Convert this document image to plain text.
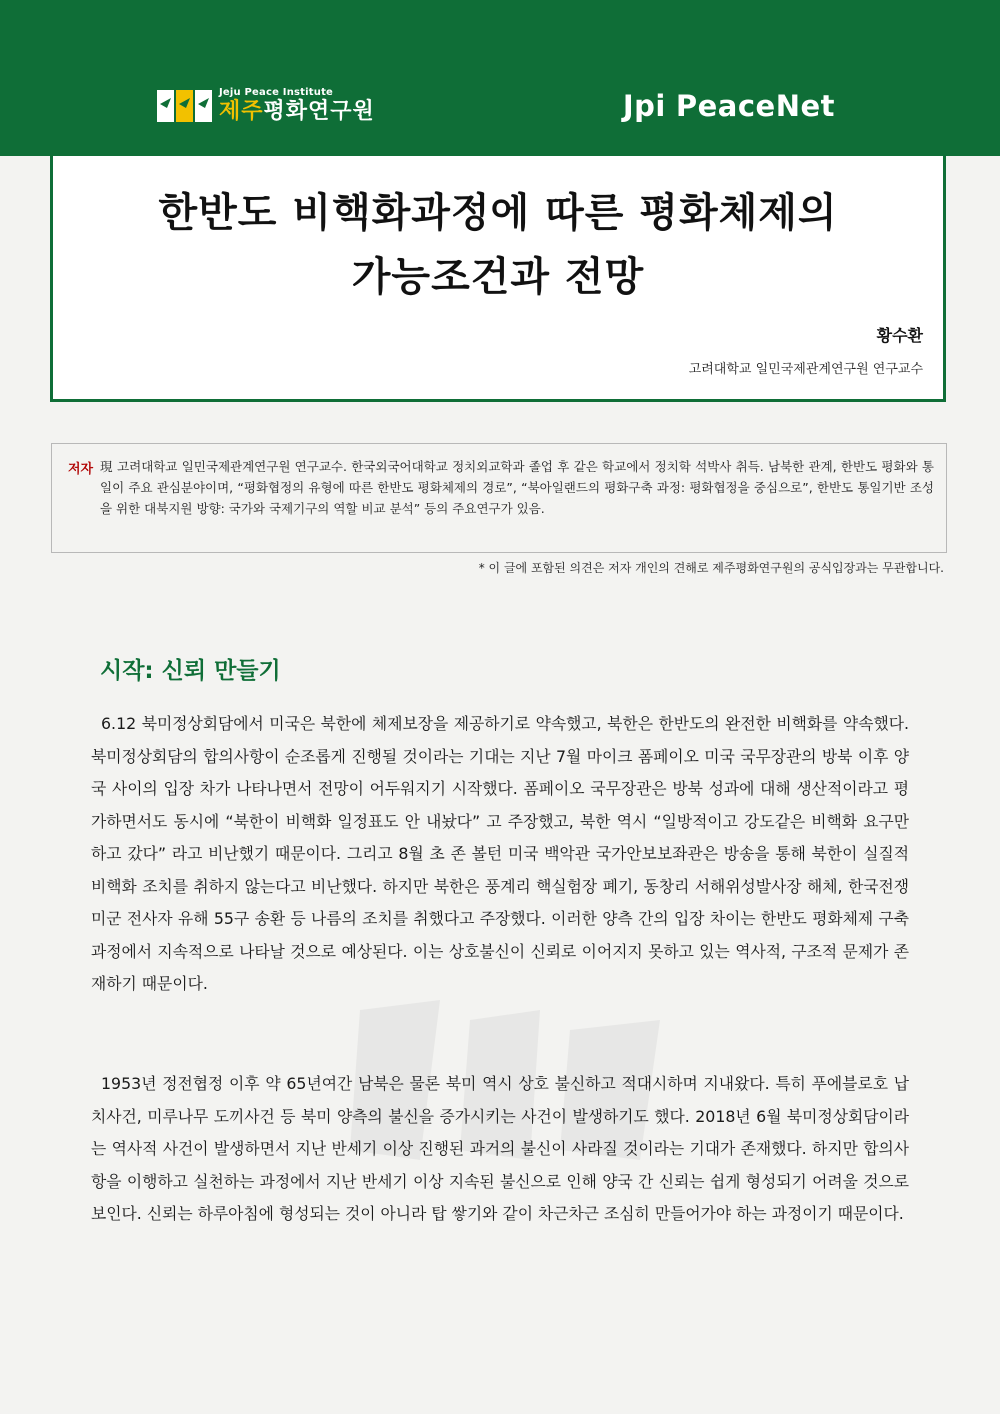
Jeju Peace Institute
제주평화연구원	Jpi PeaceNet
한반도 비핵화과정에 따른 평화체제의
가능조건과 전망
황수환
고려대학교 일민국제관계연구원 연구교수
저자 現 고려대학교 일민국제관계연구원 연구교수. 한국외국어대학교 정치외교학과 졸업 후 같은 학교에서 정치학 석박사 취득. 남북한 관계, 한반도 평화와 통일이 주요 관심분야이며, “평화협정의 유형에 따른 한반도 평화체제의 경로”, “북아일랜드의 평화구축 과정: 평화협정을 중심으로”, 한반도 통일기반 조성을 위한 대북지원 방향: 국가와 국제기구의 역할 비교 분석” 등의 주요연구가 있음.
* 이 글에 포함된 의견은 저자 개인의 견해로 제주평화연구원의 공식입장과는 무관합니다.
시작: 신뢰 만들기

6.12 북미정상회담에서 미국은 북한에 체제보장을 제공하기로 약속했고, 북한은 한반도의 완전한 비핵화를 약속했다. 북미정상회담의 합의사항이 순조롭게 진행될 것이라는 기대는 지난 7월 마이크 폼페이오 미국 국무장관의 방북 이후 양국 사이의 입장 차가 나타나면서 전망이 어두워지기 시작했다. 폼페이오 국무장관은 방북 성과에 대해 생산적이라고 평가하면서도 동시에 “북한이 비핵화 일정표도 안 내놨다” 고 주장했고, 북한 역시 “일방적이고 강도같은 비핵화 요구만 하고 갔다” 라고 비난했기 때문이다. 그리고 8월 초 존 볼턴 미국 백악관 국가안보보좌관은 방송을 통해 북한이 실질적 비핵화 조치를 취하지 않는다고 비난했다. 하지만 북한은 풍계리 핵실험장 폐기, 동창리 서해위성발사장 해체, 한국전쟁 미군 전사자 유해 55구 송환 등 나름의 조치를 취했다고 주장했다. 이러한 양측 간의 입장 차이는 한반도 평화체제 구축 과정에서 지속적으로 나타날 것으로 예상된다. 이는 상호불신이 신뢰로 이어지지 못하고 있는 역사적, 구조적 문제가 존재하기 때문이다.

1953년 정전협정 이후 약 65년여간 남북은 물론 북미 역시 상호 불신하고 적대시하며 지내왔다. 특히 푸에블로호 납치사건, 미루나무 도끼사건 등 북미 양측의 불신을 증가시키는 사건이 발생하기도 했다. 2018년 6월 북미정상회담이라는 역사적 사건이 발생하면서 지난 반세기 이상 진행된 과거의 불신이 사라질 것이라는 기대가 존재했다. 하지만 합의사항을 이행하고 실천하는 과정에서 지난 반세기 이상 지속된 불신으로 인해 양국 간 신뢰는 쉽게 형성되기 어려울 것으로 보인다. 신뢰는 하루아침에 형성되는 것이 아니라 탑 쌓기와 같이 차근차근 조심히 만들어가야 하는 과정이기 때문이다.
